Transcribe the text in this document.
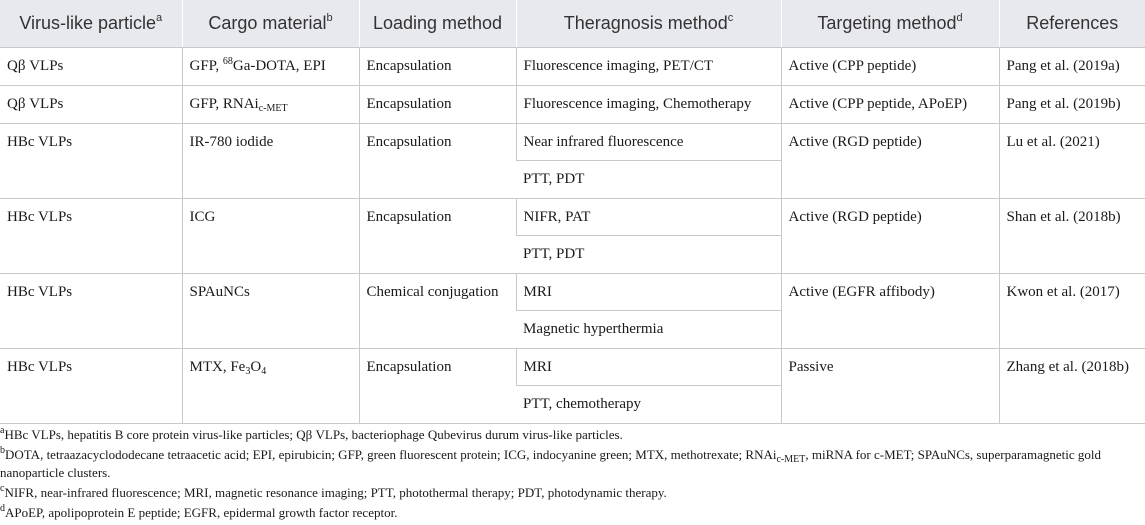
Virus-like particle$^a$	Cargo material$^b$	Loading method	Theragnosis method$^c$	Targeting method$^d$	References
Qβ VLPs	GFP, $^{68}$Ga-DOTA, EPI	Encapsulation	Fluorescence imaging, PET/CT	Active (CPP peptide)	Pang et al. (2019a)
Qβ VLPs	GFP, RNAi$_{c-MET}$	Encapsulation	Fluorescence imaging, Chemotherapy	Active (CPP peptide, APoEP)	Pang et al. (2019b)
HBc VLPs	IR-780 iodide	Encapsulation	Near infrared fluorescence	Active (RGD peptide)	Lu et al. (2021)
			PTT, PDT		
HBc VLPs	ICG	Encapsulation	NIFR, PAT	Active (RGD peptide)	Shan et al. (2018b)
			PTT, PDT		
HBc VLPs	SPAuNCs	Chemical conjugation	MRI	Active (EGFR affibody)	Kwon et al. (2017)
			Magnetic hyperthermia		
HBc VLPs	MTX, $Fe_3O_4$	Encapsulation	MRI	Passive	Zhang et al. (2018b)
			PTT, chemotherapy		

$^a$HBc VLPs, hepatitis B core protein virus-like particles; Qβ VLPs, bacteriophage Qubevirus durum virus-like particles.

$^b$DOTA, tetraazacyclododecane tetraacetic acid; EPI, epirubicin; GFP, green fluorescent protein; ICG, indocyanine green; MTX, methotrexate; RNAi$_{c-MET}$, miRNA for c-MET; SPAuNCs, superparamagnetic gold nanoparticle clusters.

$^c$NIFR, near-infrared fluorescence; MRI, magnetic resonance imaging; PTT, photothermal therapy; PDT, photodynamic therapy.

$^d$APoEP, apolipoprotein E peptide; EGFR, epidermal growth factor receptor.
